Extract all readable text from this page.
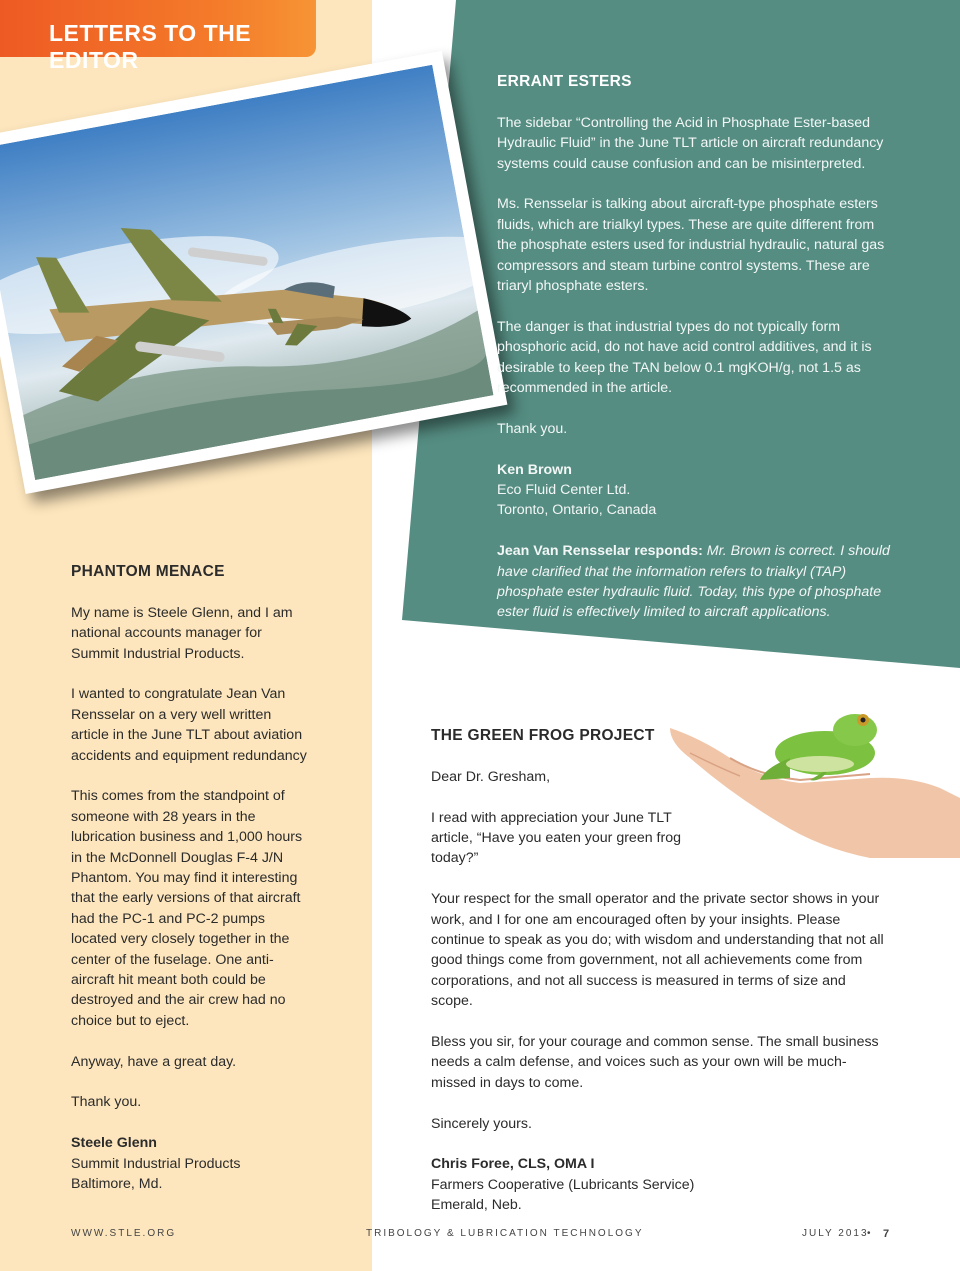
LETTERS TO THE EDITOR

PHANTOM MENACE

My name is Steele Glenn, and I am national accounts manager for Summit Industrial Products.

I wanted to congratulate Jean Van Rensselar on a very well written article in the June TLT about aviation accidents and equipment redundancy

This comes from the standpoint of someone with 28 years in the lubrication business and 1,000 hours in the McDonnell Douglas F-4 J/N Phantom. You may find it interesting that the early versions of that aircraft had the PC-1 and PC-2 pumps located very closely together in the center of the fuselage. One anti-aircraft hit meant both could be destroyed and the air crew had no choice but to eject.

Anyway, have a great day.

Thank you.

Steele Glenn
Summit Industrial Products
Baltimore, Md.

ERRANT ESTERS

The sidebar “Controlling the Acid in Phosphate Ester-based Hydraulic Fluid” in the June TLT article on aircraft redundancy systems could cause confusion and can be misinterpreted.

Ms. Rensselar is talking about aircraft-type phosphate esters fluids, which are trialkyl types. These are quite different from the phosphate esters used for industrial hydraulic, natural gas compressors and steam turbine control systems. These are triaryl phosphate esters.

The danger is that industrial types do not typically form phosphoric acid, do not have acid control additives, and it is desirable to keep the TAN below 0.1 mgKOH/g, not 1.5 as recommended in the article.

Thank you.

Ken Brown
Eco Fluid Center Ltd.
Toronto, Ontario, Canada

Jean Van Rensselar responds: Mr. Brown is correct. I should have clarified that the information refers to trialkyl (TAP) phosphate ester hydraulic fluid. Today, this type of phosphate ester fluid is effectively limited to aircraft applications.

THE GREEN FROG PROJECT

Dear Dr. Gresham,

I read with appreciation your June TLT article, “Have you eaten your green frog today?”

Your respect for the small operator and the private sector shows in your work, and I for one am encouraged often by your insights. Please continue to speak as you do; with wisdom and understanding that not all good things come from government, not all achievements come from corporations, and not all success is measured in terms of size and scope.

Bless you sir, for your courage and common sense. The small business needs a calm defense, and voices such as your own will be much-missed in days to come.

Sincerely yours.

Chris Foree, CLS, OMA I
Farmers Cooperative (Lubricants Service)
Emerald, Neb.
WWW.STLE.ORG	TRIBOLOGY & LUBRICATION TECHNOLOGY	JULY 2013
• 7
